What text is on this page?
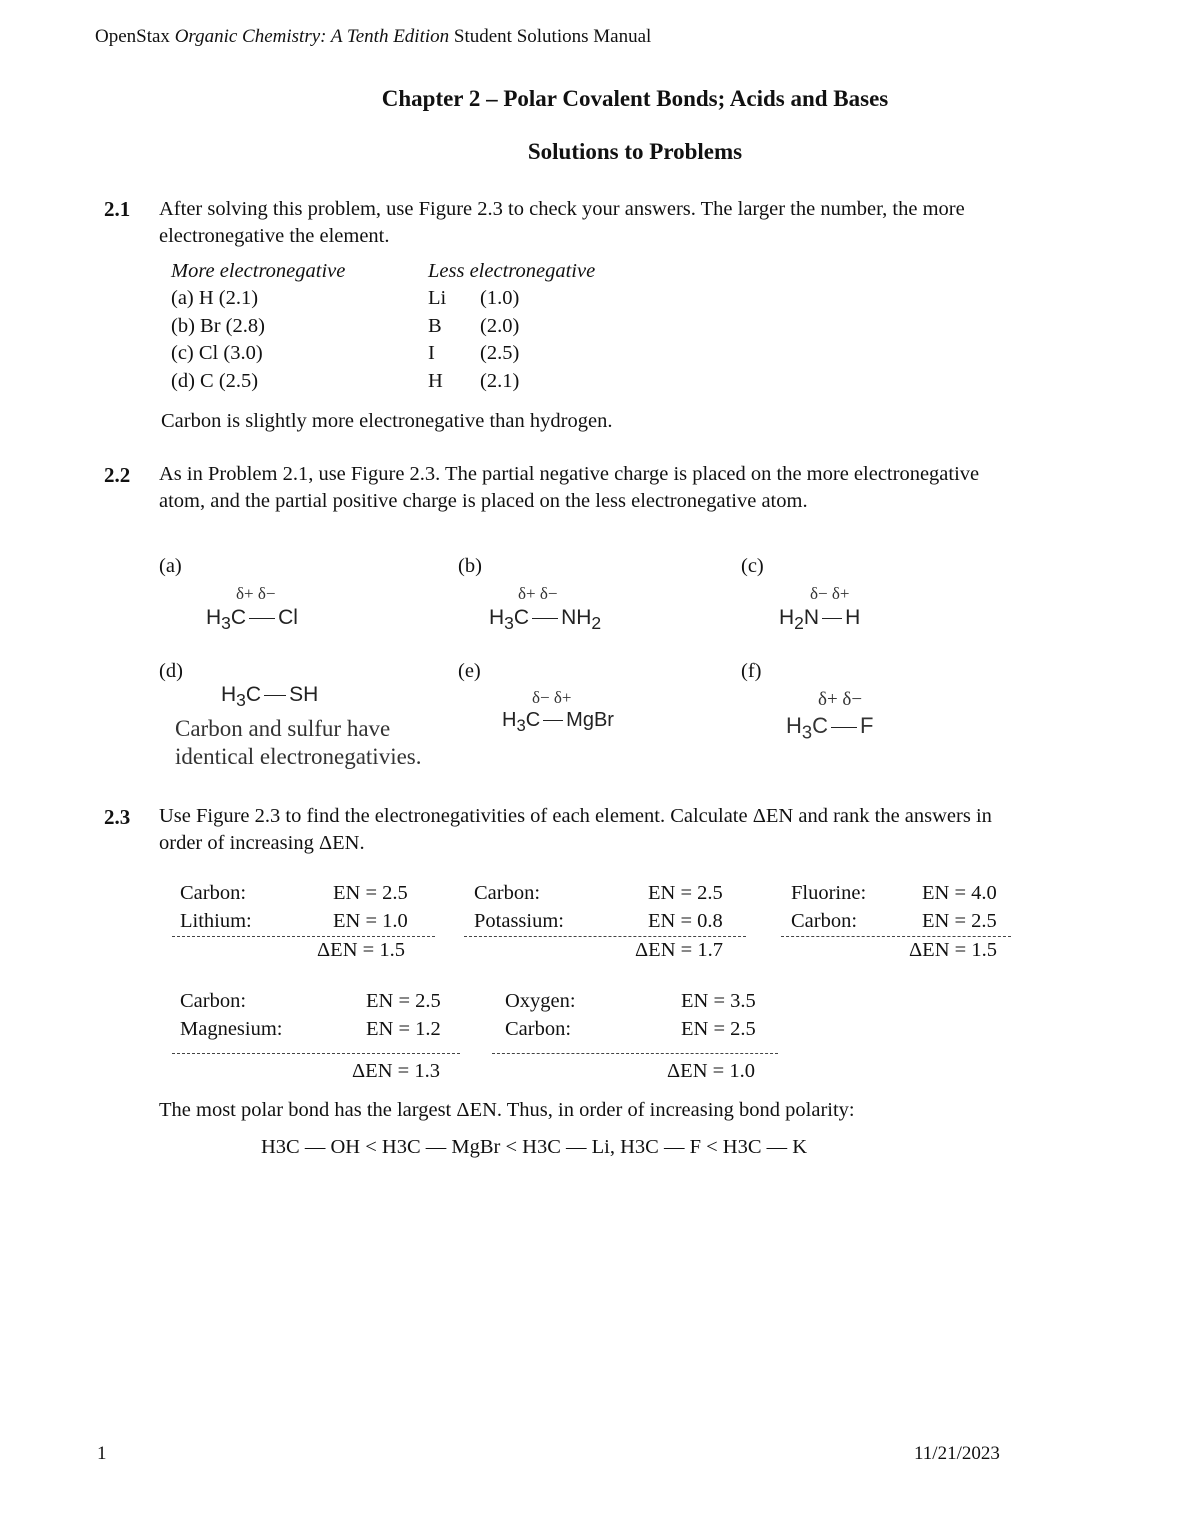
OpenStax Organic Chemistry: A Tenth Edition Student Solutions Manual
Chapter 2 – Polar Covalent Bonds; Acids and Bases
Solutions to Problems
2.1 After solving this problem, use Figure 2.3 to check your answers. The larger the number, the more electronegative the element.
More electronegative	Less electronegative
(a) H (2.1)	Li (1.0)
(b) Br (2.8)	B (2.0)
(c) Cl (3.0)	I (2.5)
(d) C (2.5)	H (2.1)
Carbon is slightly more electronegative than hydrogen.
2.2 As in Problem 2.1, use Figure 2.3. The partial negative charge is placed on the more electronegative atom, and the partial positive charge is placed on the less electronegative atom.
(a)
δ+ δ−
$H_3C$ Cl
(b)
δ+ δ−
$H_3C$ $NH_2$
(c)
δ− δ+
$H_2N$ H
(d)
$H_3C$ SH
Carbon and sulfur have
identical electronegativies.
(e)
δ− δ+
$H_3C$ MgBr
(f)
δ+ δ−
$H_3C$ F
2.3 Use Figure 2.3 to find the electronegativities of each element. Calculate ΔEN and rank the answers in order of increasing ΔEN.
Carbon:	EN = 2.5
Lithium:	EN = 1.0
ΔEN = 1.5
Carbon:	EN = 2.5
Potassium:	EN = 0.8
ΔEN = 1.7
Fluorine:	EN = 4.0
Carbon:	EN = 2.5
ΔEN = 1.5
Carbon:	EN = 2.5
Magnesium:	EN = 1.2
ΔEN = 1.3
Oxygen:	EN = 3.5
Carbon:	EN = 2.5
ΔEN = 1.0
The most polar bond has the largest ΔEN. Thus, in order of increasing bond polarity:
H3C — OH < H3C — MgBr < H3C — Li, H3C — F < H3C — K
1	11/21/2023
